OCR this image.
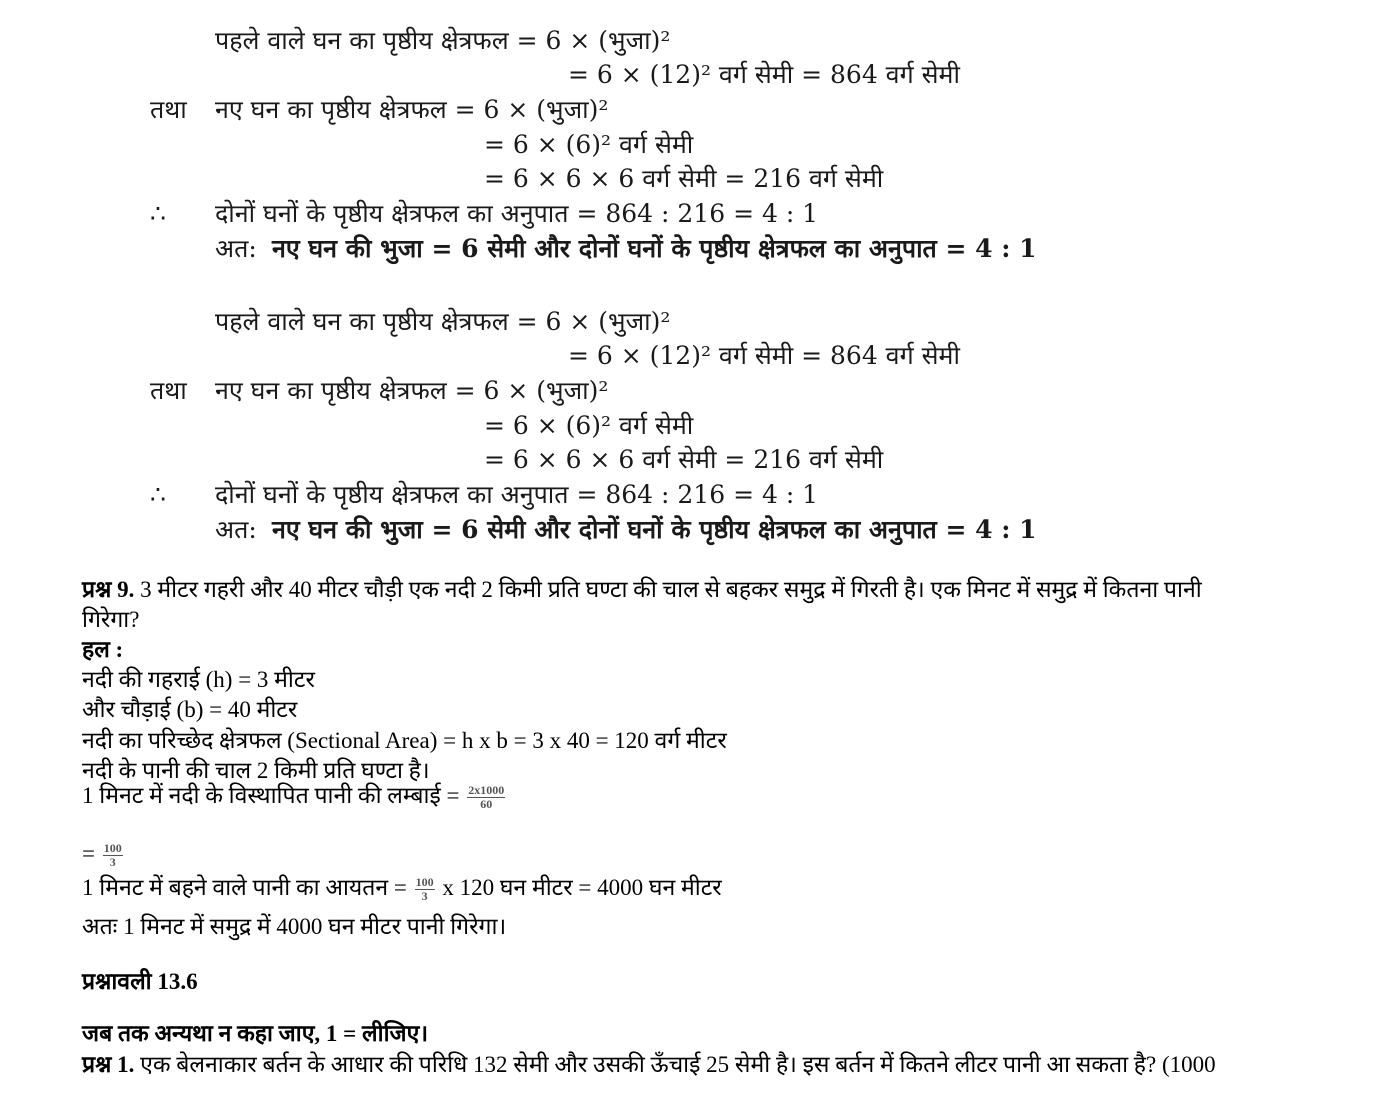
पहले वाले घन का पृष्ठीय क्षेत्रफल = 6 × (भुजा)²
= 6 × (12)² वर्ग सेमी = 864 वर्ग सेमी
तथा नए घन का पृष्ठीय क्षेत्रफल = 6 × (भुजा)²
= 6 × (6)² वर्ग सेमी
= 6 × 6 × 6 वर्ग सेमी = 216 वर्ग सेमी
∴ दोनों घनों के पृष्ठीय क्षेत्रफल का अनुपात = 864 : 216 = 4 : 1
अत: नए घन की भुजा = 6 सेमी और दोनों घनों के पृष्ठीय क्षेत्रफल का अनुपात = 4 : 1
पहले वाले घन का पृष्ठीय क्षेत्रफल = 6 × (भुजा)²
= 6 × (12)² वर्ग सेमी = 864 वर्ग सेमी
तथा नए घन का पृष्ठीय क्षेत्रफल = 6 × (भुजा)²
= 6 × (6)² वर्ग सेमी
= 6 × 6 × 6 वर्ग सेमी = 216 वर्ग सेमी
∴ दोनों घनों के पृष्ठीय क्षेत्रफल का अनुपात = 864 : 216 = 4 : 1
अत: नए घन की भुजा = 6 सेमी और दोनों घनों के पृष्ठीय क्षेत्रफल का अनुपात = 4 : 1
प्रश्न 9. 3 मीटर गहरी और 40 मीटर चौड़ी एक नदी 2 किमी प्रति घण्टा की चाल से बहकर समुद्र में गिरती है। एक मिनट में समुद्र में कितना पानी
गिरेगा?
हल :
नदी की गहराई (h) = 3 मीटर
और चौड़ाई (b) = 40 मीटर
नदी का परिच्छेद क्षेत्रफल (Sectional Area) = h x b = 3 x 40 = 120 वर्ग मीटर
नदी के पानी की चाल 2 किमी प्रति घण्टा है।
1 मिनट में नदी के विस्थापित पानी की लम्बाई = $\frac{2x1000}{60}$
= $\frac{100}{3}$
1 मिनट में बहने वाले पानी का आयतन = $\frac{100}{3}$ x 120 घन मीटर = 4000 घन मीटर
अतः 1 मिनट में समुद्र में 4000 घन मीटर पानी गिरेगा।
प्रश्नावली 13.6
जब तक अन्यथा न कहा जाए, 1 = लीजिए।
प्रश्न 1. एक बेलनाकार बर्तन के आधार की परिधि 132 सेमी और उसकी ऊँचाई 25 सेमी है। इस बर्तन में कितने लीटर पानी आ सकता है? (1000
